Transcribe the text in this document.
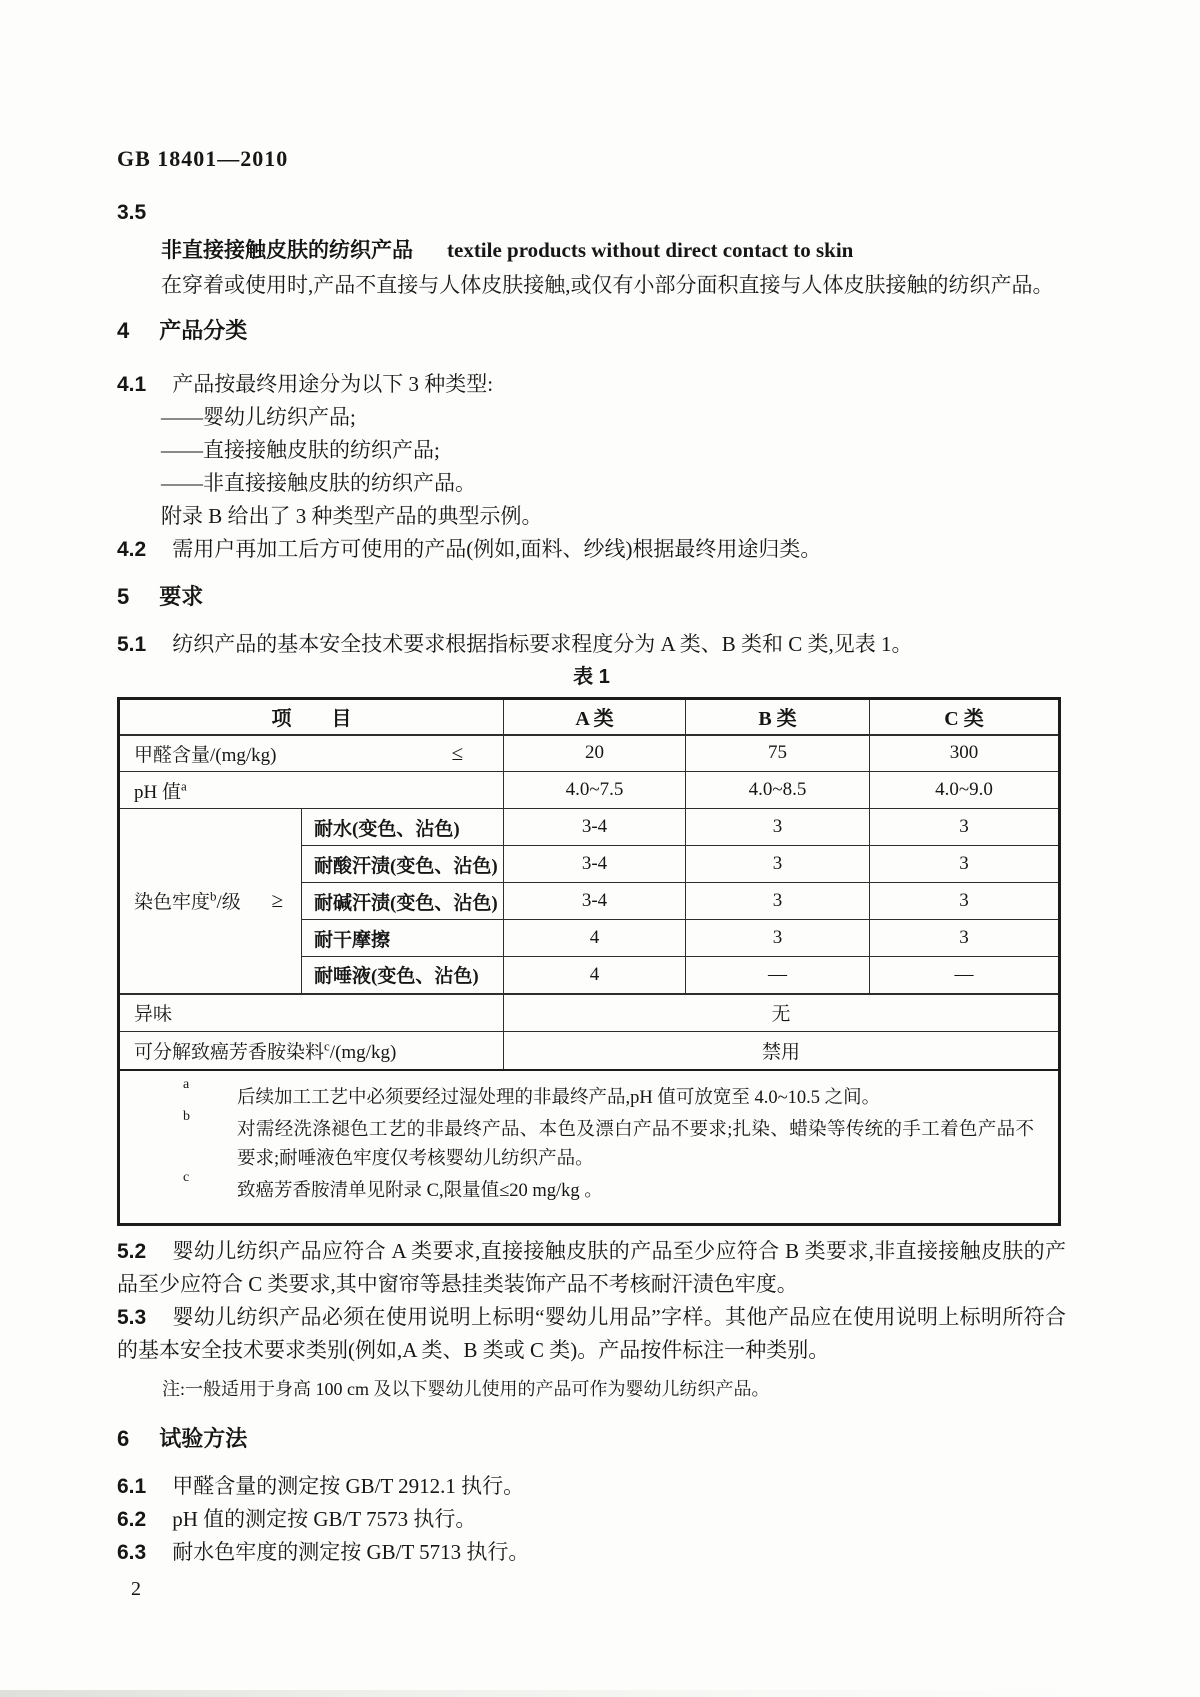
GB 18401—2010
3.5

非直接接触皮肤的纺织产品 textile products without direct contact to skin

在穿着或使用时,产品不直接与人体皮肤接触,或仅有小部分面积直接与人体皮肤接触的纺织产品。

4 产品分类

4.1 产品按最终用途分为以下 3 种类型:

——婴幼儿纺织产品;

——直接接触皮肤的纺织产品;

——非直接接触皮肤的纺织产品。

附录 B 给出了 3 种类型产品的典型示例。

4.2 需用户再加工后方可使用的产品(例如,面料、纱线)根据最终用途归类。

5 要求

5.1 纺织产品的基本安全技术要求根据指标要求程度分为 A 类、B 类和 C 类,见表 1。

表 1
项　　目		A 类	B 类	C 类

甲醛含量/(mg/kg) ≤		20	75	300
pH 值$^a$		4.0~7.5	4.0~8.5	4.0~9.0

染色牢度$^b$/级 ≥	耐水(变色、沾色)	3-4	3	3
	耐酸汗渍(变色、沾色)	3-4	3	3
	耐碱汗渍(变色、沾色)	3-4	3	3
	耐干摩擦	4	3	3
	耐唾液(变色、沾色)	4	—	—
异味		无		
可分解致癌芳香胺染料$^c$/(mg/kg)		禁用		

a
后续加工工艺中必须要经过湿处理的非最终产品,pH 值可放宽至 4.0~10.5 之间。

b
对需经洗涤褪色工艺的非最终产品、本色及漂白产品不要求;扎染、蜡染等传统的手工着色产品不要求;耐唾液色牢度仅考核婴幼儿纺织产品。

c
致癌芳香胺清单见附录 C,限量值≤20 mg/kg 。

5.2 婴幼儿纺织产品应符合 A 类要求,直接接触皮肤的产品至少应符合 B 类要求,非直接接触皮肤的产品至少应符合 C 类要求,其中窗帘等悬挂类装饰产品不考核耐汗渍色牢度。

5.3 婴幼儿纺织产品必须在使用说明上标明“婴幼儿用品”字样。其他产品应在使用说明上标明所符合的基本安全技术要求类别(例如,A 类、B 类或 C 类)。产品按件标注一种类别。

注:一般适用于身高 100 cm 及以下婴幼儿使用的产品可作为婴幼儿纺织产品。

6 试验方法

6.1 甲醛含量的测定按 GB/T 2912.1 执行。

6.2 pH 值的测定按 GB/T 7573 执行。

6.3 耐水色牢度的测定按 GB/T 5713 执行。

2
